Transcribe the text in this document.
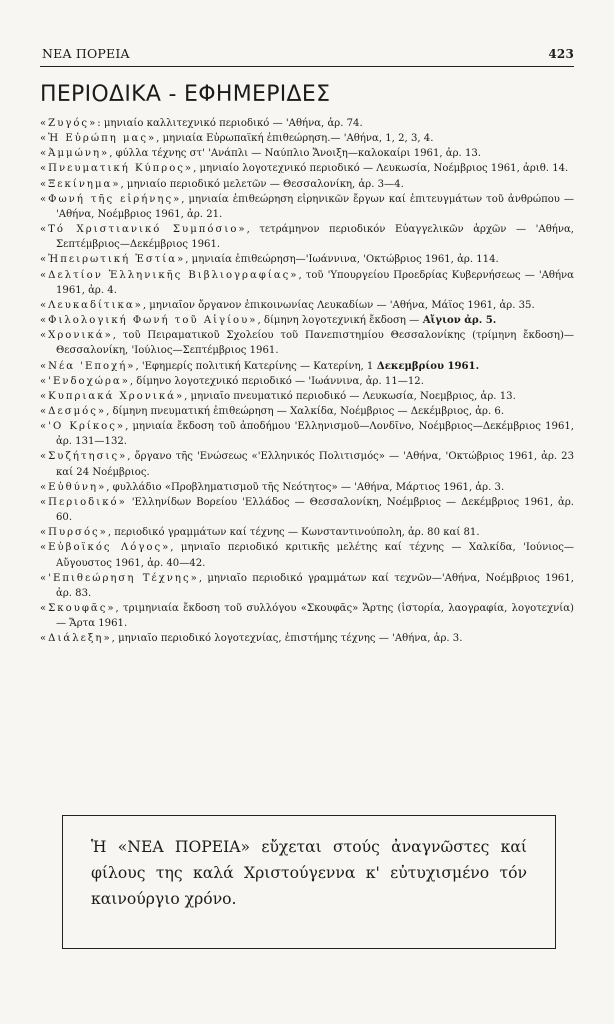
ΝΕΑ ΠΟΡΕΙΑ	423
ΠΕΡΙΟΔΙΚΑ - ΕΦΗΜΕΡΙΔΕΣ

«Ζυγός»: μηνιαίο καλλιτεχνικό περιοδικό — 'Αθήνα, ἀρ. 74.

«Ἡ Εὐρώπη μας», μηνιαία Εὐρωπαϊκή ἐπιθεώρηση.— 'Αθήνα, 1, 2, 3, 4.

«Ἀμμώνη», φύλλα τέχνης στ' 'Ανάπλι — Ναύπλιο Ἄνοιξη—καλοκαίρι 1961, ἀρ. 13.

«Πνευματική Κύπρος», μηνιαίο λογοτεχνικό περιοδικό — Λευκωσία, Νοέμβριος 1961, ἀριθ. 14.

«Ξεκίνημα», μηνιαίο περιοδικό μελετῶν — Θεσσαλονίκη, ἀρ. 3—4.

«Φωνή τῆς εἰρήνης», μηνιαία ἐπιθεώρηση εἰρηνικῶν ἔργων καί ἐπιτευγμάτων τοῦ ἀνθρώπου — 'Αθήνα, Νοέμβριος 1961, ἀρ. 21.

«Τό Χριστιανικό Συμπόσιο», τετράμηνον περιοδικόν Εὐαγγελικῶν ἀρχῶν — 'Αθήνα, Σεπτέμβριος—Δεκέμβριος 1961.

«Ἠπειρωτική Ἑστία», μηνιαία ἐπιθεώρηση—'Ιωάννινα, 'Οκτώβριος 1961, ἀρ. 114.

«Δελτίον Ἑλληνικῆς Βιβλιογραφίας», τοῦ 'Υπουργείου Προεδρίας Κυβερνήσεως — 'Αθήνα 1961, ἀρ. 4.

«Λευκαδίτικα», μηνιαῖον ὄργανον ἐπικοινωνίας Λευκαδίων — 'Αθήνα, Μάϊος 1961, ἀρ. 35.

«Φιλολογική Φωνή τοῦ Αἰγίου», δίμηνη λογοτεχνική ἔκδοση — Αἴγιον ἀρ. 5.

«Χρονικά», τοῦ Πειραματικοῦ Σχολείου τοῦ Πανεπιστημίου Θεσσαλονίκης (τρίμηνη ἔκδοση)—Θεσσαλονίκη, 'Ιούλιος—Σεπτέμβριος 1961.

«Νέα 'Εποχή», 'Εφημερίς πολιτική Κατερίνης — Κατερίνη, 1 Δεκεμβρίου 1961.

«'Ενδοχώρα», δίμηνο λογοτεχνικό περιοδικό — 'Ιωάννινα, ἀρ. 11—12.

«Κυπριακά Χρονικά», μηνιαῖο πνευματικό περιοδικό — Λευκωσία, Νοεμβριος, ἀρ. 13.

«Δεσμός», δίμηνη πνευματική ἐπιθεώρηση — Χαλκίδα, Νοέμβριος — Δεκέμβριος, ἀρ. 6.

«'Ο Κρίκος», μηνιαία ἔκδοση τοῦ ἀποδήμου 'Ελληνισμοῦ—Λονδῖνο, Νοέμβριος—Δεκέμβριος 1961, ἀρ. 131—132.

«Συζήτησις», ὄργανο τῆς 'Ενώσεως «'Ελληνικός Πολιτισμός» — 'Αθήνα, 'Οκτώβριος 1961, ἀρ. 23 καί 24 Νοέμβριος.

«Εὐθύνη», φυλλάδιο «Προβληματισμοῦ τῆς Νεότητος» — 'Αθήνα, Μάρτιος 1961, ἀρ. 3.

«Περιοδικό» 'Ελληνίδων Βορείου 'Ελλάδος — Θεσσαλονίκη, Νοέμβριος — Δεκέμβριος 1961, ἀρ. 60.

«Πυρσός», περιοδικό γραμμάτων καί τέχνης — Κωνσταντινούπολη, ἀρ. 80 καί 81.

«Εὐβοϊκός Λόγος», μηνιαῖο περιοδικό κριτικῆς μελέτης καί τέχνης — Χαλκίδα, 'Ιούνιος—Αὔγουστος 1961, ἀρ. 40—42.

«'Επιθεώρηση Τέχνης», μηνιαῖο περιοδικό γραμμάτων καί τεχνῶν—'Αθήνα, Νοέμβριος 1961, ἀρ. 83.

«Σκουφᾶς», τριμηνιαία ἔκδοση τοῦ συλλόγου «Σκουφᾶς» Ἄρτης (ἱστορία, λαογραφία, λογοτεχνία) — Ἄρτα 1961.

«Διάλεξη», μηνιαῖο περιοδικό λογοτεχνίας, ἐπιστήμης τέχνης — 'Αθήνα, ἀρ. 3.

Ἡ «ΝΕΑ ΠΟΡΕΙΑ» εὔχεται στούς ἀναγνῶστες καί φίλους της καλά Χριστούγεννα κ' εὐτυχισμένο τόν καινούργιο χρόνο.
